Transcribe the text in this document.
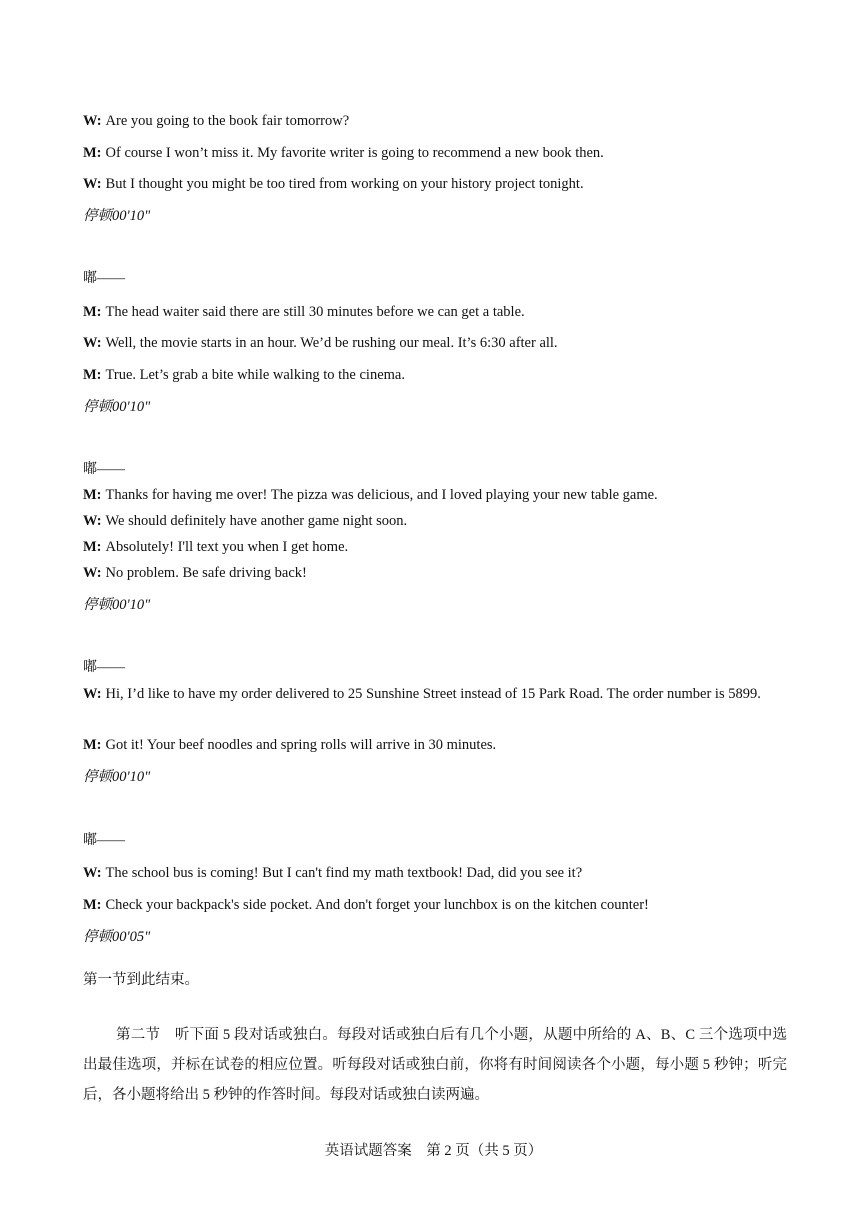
W: Are you going to the book fair tomorrow?
M: Of course I won’t miss it. My favorite writer is going to recommend a new book then.
W: But I thought you might be too tired from working on your history project tonight.
停顿00'10"
嘟——
M: The head waiter said there are still 30 minutes before we can get a table.
W: Well, the movie starts in an hour. We’d be rushing our meal. It’s 6:30 after all.
M: True. Let’s grab a bite while walking to the cinema.
停顿00'10"
嘟——
M: Thanks for having me over! The pizza was delicious, and I loved playing your new table game.
W: We should definitely have another game night soon.
M: Absolutely! I'll text you when I get home.
W: No problem. Be safe driving back!
停顿00'10"
嘟——
W: Hi, I’d like to have my order delivered to 25 Sunshine Street instead of 15 Park Road. The order number is 5899.
M: Got it! Your beef noodles and spring rolls will arrive in 30 minutes.
停顿00'10"
嘟——
W: The school bus is coming! But I can't find my math textbook! Dad, did you see it?
M: Check your backpack's side pocket. And don't forget your lunchbox is on the kitchen counter!
停顿00'05"
第一节到此结束。
第二节　听下面 5 段对话或独白。每段对话或独白后有几个小题，从题中所给的 A、B、C 三个选项中选出最佳选项，并标在试卷的相应位置。听每段对话或独白前，你将有时间阅读各个小题，每小题 5 秒钟；听完后，各小题将给出 5 秒钟的作答时间。每段对话或独白读两遍。
英语试题答案　第 2 页（共 5 页）
